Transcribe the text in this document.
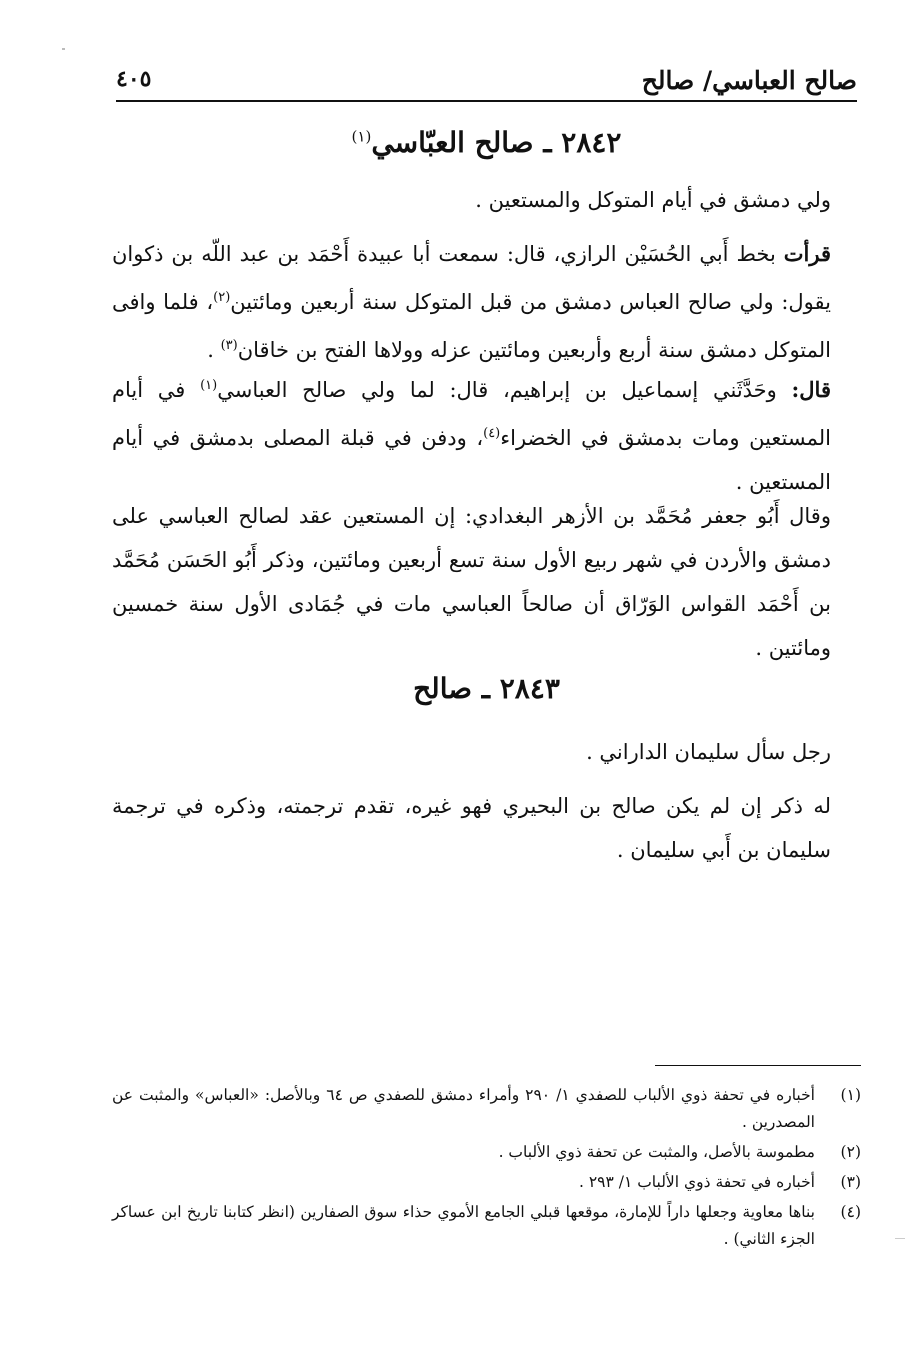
صالح العباسي/ صالح
٤٠٥
٢٨٤٢ ـ صالح العبّاسي$^{(١)}$
ولي دمشق في أيام المتوكل والمستعين .
قرأت بخط أَبي الحُسَيْن الرازي، قال: سمعت أبا عبيدة أَحْمَد بن عبد اللّه بن ذكوان يقول: ولي صالح العباس دمشق من قبل المتوكل سنة أربعين ومائتين$^{(٢)}$، فلما وافى المتوكل دمشق سنة أربع وأربعين ومائتين عزله وولاها الفتح بن خاقان$^{(٣)}$ .
قال: وحَدَّثَني إسماعيل بن إبراهيم، قال: لما ولي صالح العباسي$^{(١)}$ في أيام المستعين ومات بدمشق في الخضراء$^{(٤)}$، ودفن في قبلة المصلى بدمشق في أيام المستعين .
وقال أَبُو جعفر مُحَمَّد بن الأزهر البغدادي: إن المستعين عقد لصالح العباسي على دمشق والأردن في شهر ربيع الأول سنة تسع أربعين ومائتين، وذكر أَبُو الحَسَن مُحَمَّد بن أَحْمَد القواس الوَرّاق أن صالحاً العباسي مات في جُمَادى الأول سنة خمسين ومائتين .
٢٨٤٣ ـ صالح
رجل سأل سليمان الداراني .
له ذكر إن لم يكن صالح بن البحيري فهو غيره، تقدم ترجمته، وذكره في ترجمة سليمان بن أَبي سليمان .
(١)
أخباره في تحفة ذوي الألباب للصفدي ١/ ٢٩٠ وأمراء دمشق للصفدي ص ٦٤ وبالأصل: «العباس» والمثبت عن المصدرين .
(٢)
مطموسة بالأصل، والمثبت عن تحفة ذوي الألباب .
(٣)
أخباره في تحفة ذوي الألباب ١/ ٢٩٣ .
(٤)
بناها معاوية وجعلها داراً للإمارة، موقعها قبلي الجامع الأموي حذاء سوق الصفارين (انظر كتابنا تاريخ ابن عساكر الجزء الثاني) .
